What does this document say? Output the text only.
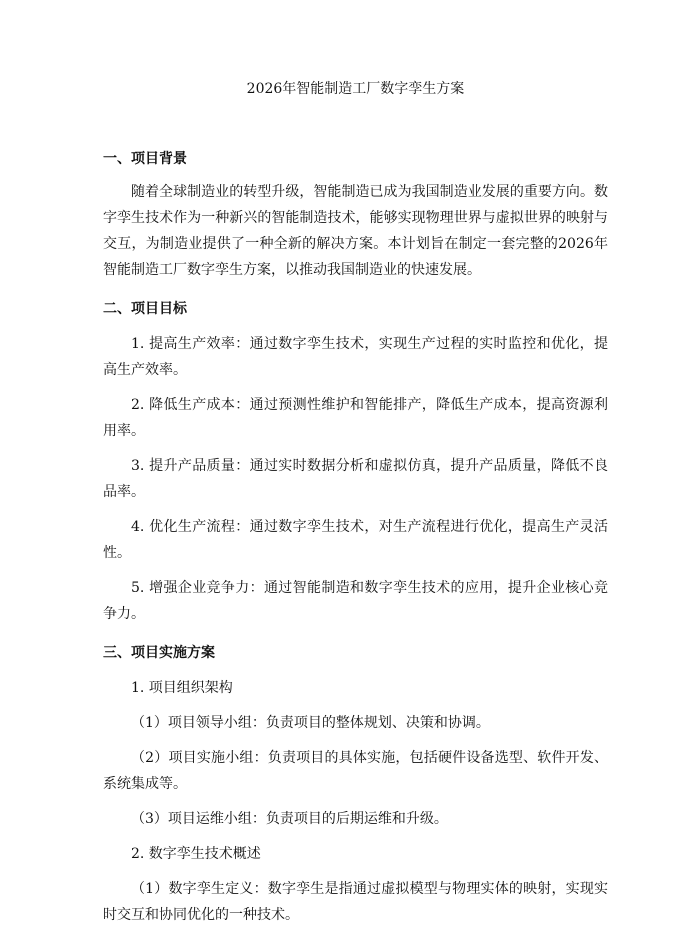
2026年智能制造工厂数字孪生方案
一、项目背景

随着全球制造业的转型升级，智能制造已成为我国制造业发展的重要方向。数字孪生技术作为一种新兴的智能制造技术，能够实现物理世界与虚拟世界的映射与交互，为制造业提供了一种全新的解决方案。本计划旨在制定一套完整的2026年智能制造工厂数字孪生方案，以推动我国制造业的快速发展。

二、项目目标

1. 提高生产效率：通过数字孪生技术，实现生产过程的实时监控和优化，提高生产效率。

2. 降低生产成本：通过预测性维护和智能排产，降低生产成本，提高资源利用率。

3. 提升产品质量：通过实时数据分析和虚拟仿真，提升产品质量，降低不良品率。

4. 优化生产流程：通过数字孪生技术，对生产流程进行优化，提高生产灵活性。

5. 增强企业竞争力：通过智能制造和数字孪生技术的应用，提升企业核心竞争力。

三、项目实施方案

1. 项目组织架构

（1）项目领导小组：负责项目的整体规划、决策和协调。

（2）项目实施小组：负责项目的具体实施，包括硬件设备选型、软件开发、系统集成等。

（3）项目运维小组：负责项目的后期运维和升级。

2. 数字孪生技术概述

（1）数字孪生定义：数字孪生是指通过虚拟模型与物理实体的映射，实现实时交互和协同优化的一种技术。
